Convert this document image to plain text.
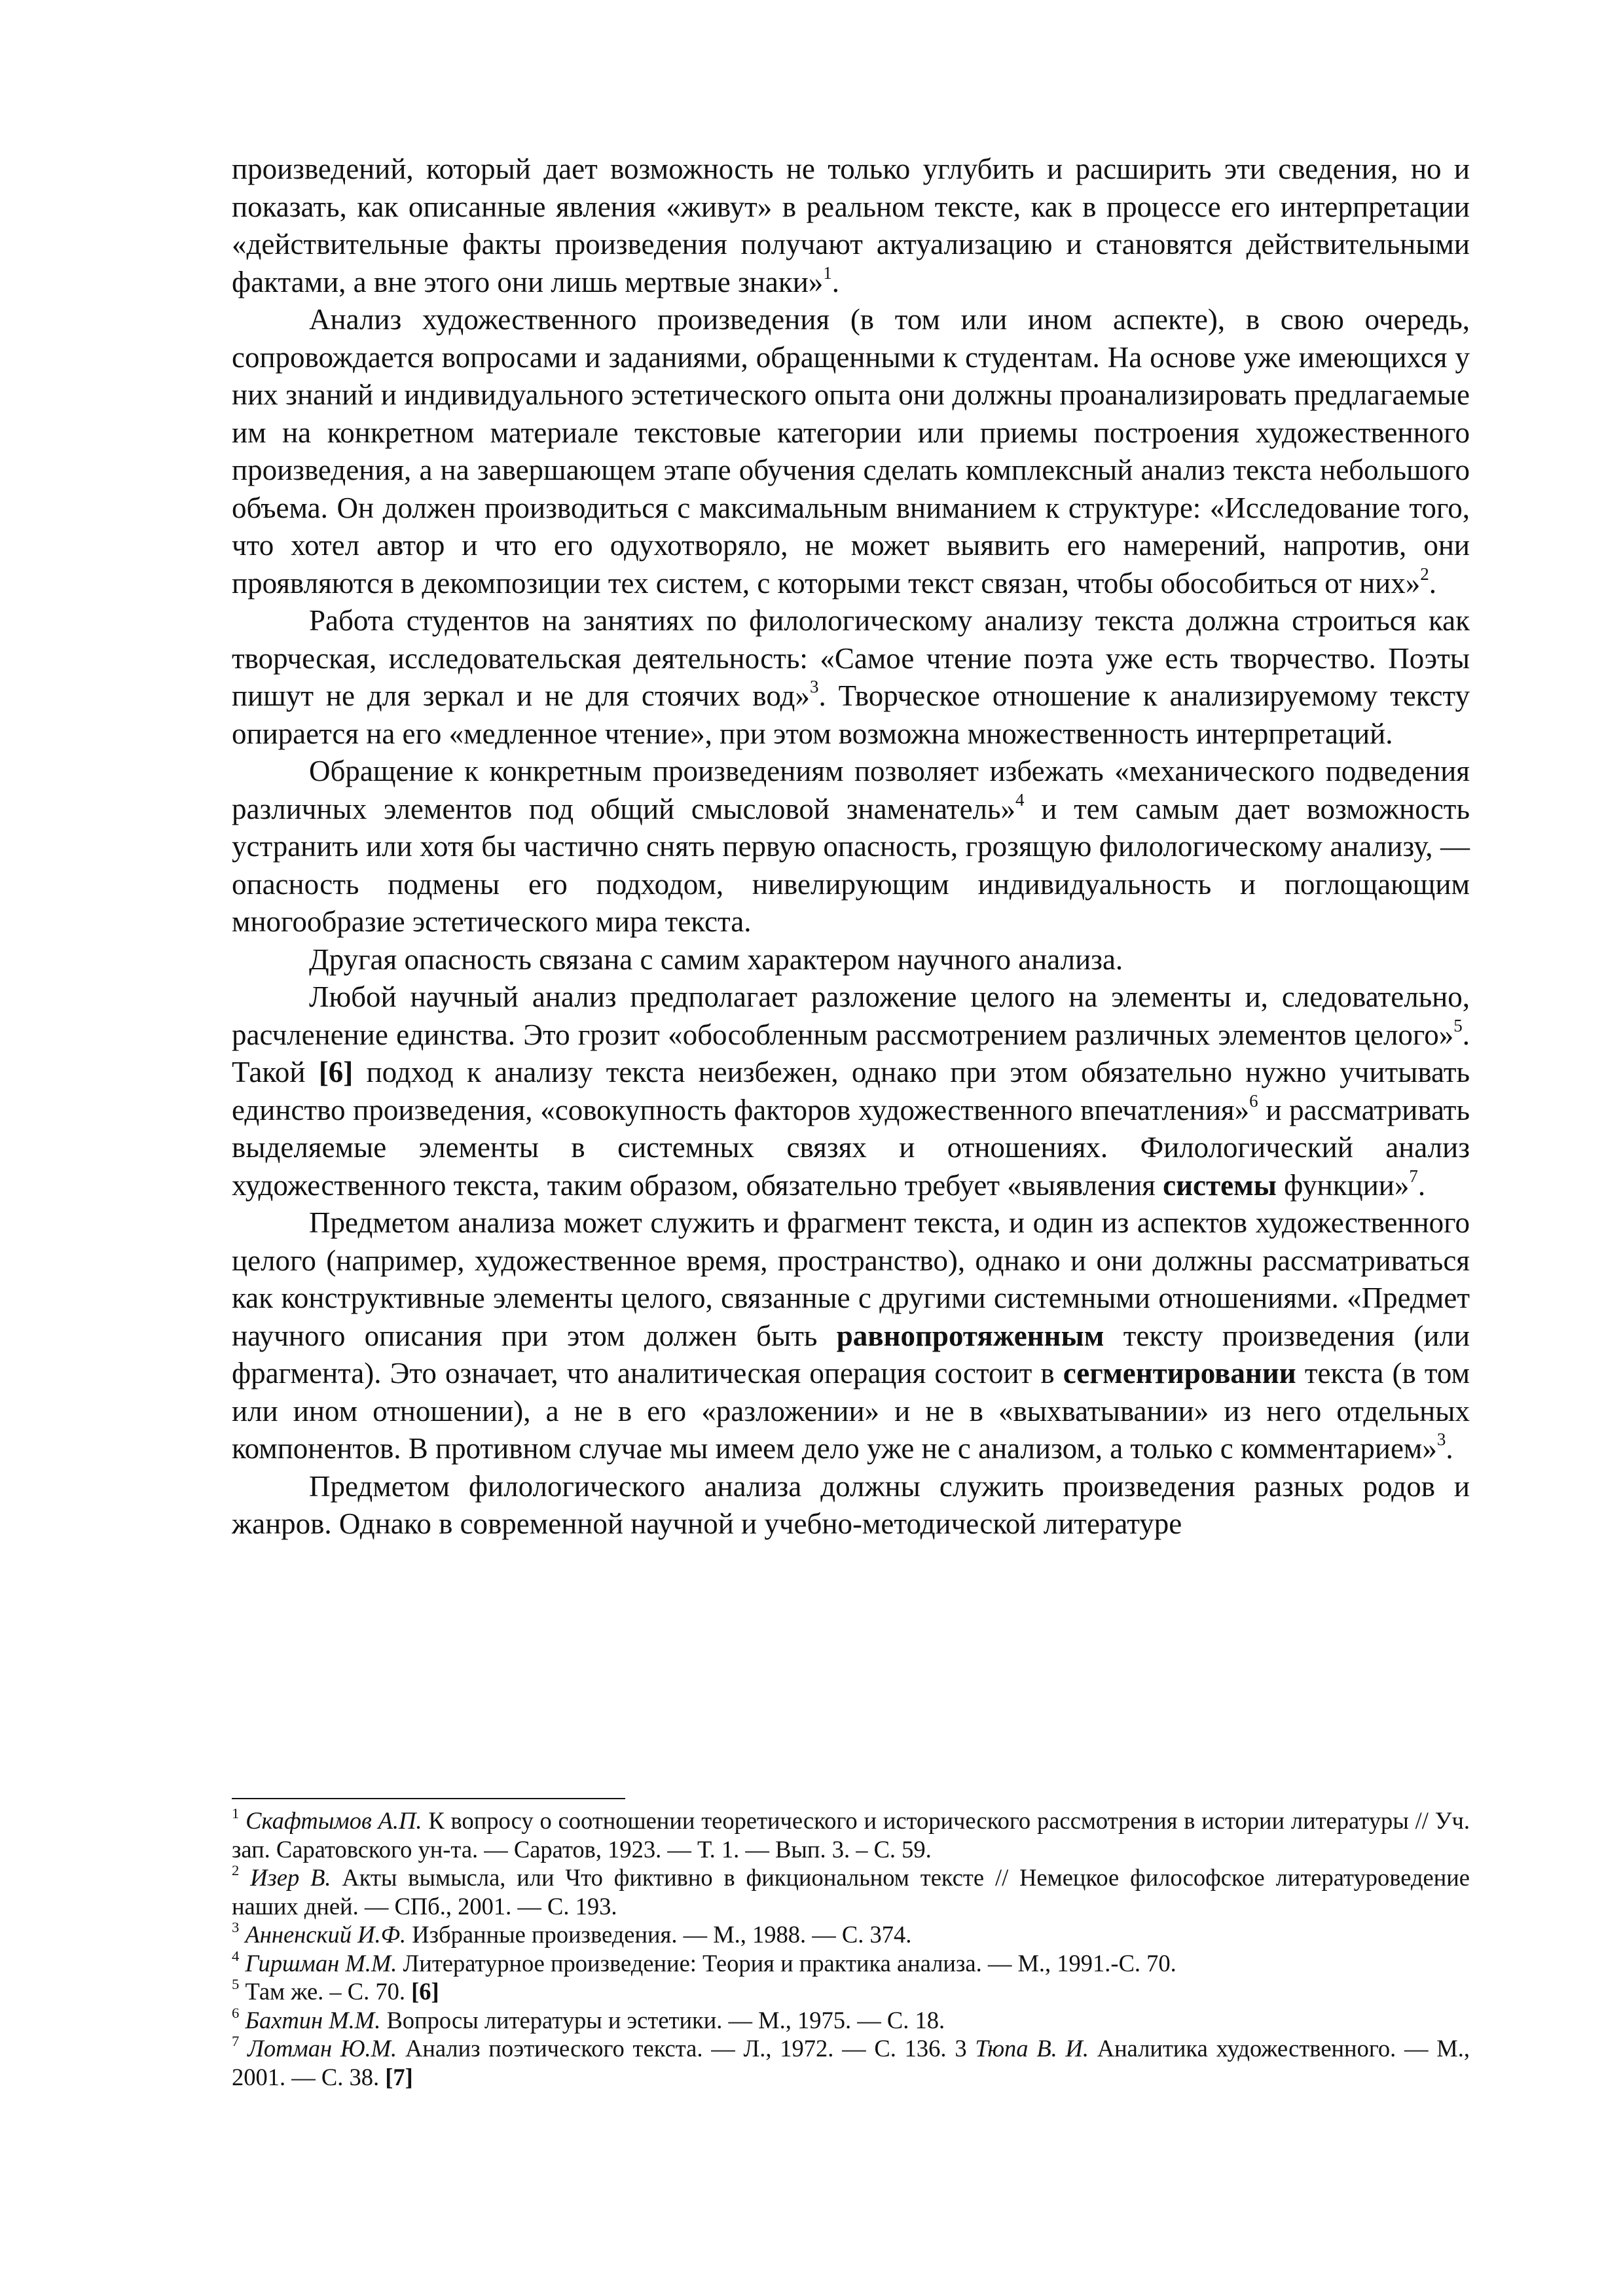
произведений, который дает возможность не только углубить и расширить эти сведения, но и показать, как описанные явления «живут» в реальном тексте, как в процессе его интерпретации «действительные факты произведения получают актуализацию и становятся действительными фактами, а вне этого они лишь мертвые знаки»$^1$.

Анализ художественного произведения (в том или ином аспекте), в свою очередь, сопровождается вопросами и заданиями, обращенными к студентам. На основе уже имеющихся у них знаний и индивидуального эстетического опыта они должны проанализировать предлагаемые им на конкретном материале текстовые категории или приемы построения художественного произведения, а на завершающем этапе обучения сделать комплексный анализ текста небольшого объема. Он должен производиться с максимальным вниманием к структуре: «Исследование того, что хотел автор и что его одухотворяло, не может выявить его намерений, напротив, они проявляются в декомпозиции тех систем, с которыми текст связан, чтобы обособиться от них»$^2$.

Работа студентов на занятиях по филологическому анализу текста должна строиться как творческая, исследовательская деятельность: «Самое чтение поэта уже есть творчество. Поэты пишут не для зеркал и не для стоячих вод»$^3$. Творческое отношение к анализируемому тексту опирается на его «медленное чтение», при этом возможна множественность интерпретаций.

Обращение к конкретным произведениям позволяет избежать «механического подведения различных элементов под общий смысловой знаменатель»$^4$ и тем самым дает возможность устранить или хотя бы частично снять первую опасность, грозящую филологическому анализу, — опасность подмены его подходом, нивелирующим индивидуальность и поглощающим многообразие эстетического мира текста.

Другая опасность связана с самим характером научного анализа.

Любой научный анализ предполагает разложение целого на элементы и, следовательно, расчленение единства. Это грозит «обособленным рассмотрением различных элементов целого»$^5$. Такой [6] подход к анализу текста неизбежен, однако при этом обязательно нужно учитывать единство произведения, «совокупность факторов художественного впечатления»$^6$ и рассматривать выделяемые элементы в системных связях и отношениях. Филологический анализ художественного текста, таким образом, обязательно требует «выявления системы функции»$^7$.

Предметом анализа может служить и фрагмент текста, и один из аспектов художественного целого (например, художественное время, пространство), однако и они должны рассматриваться как конструктивные элементы целого, связанные с другими системными отношениями. «Предмет научного описания при этом должен быть равнопротяженным тексту произведения (или фрагмента). Это означает, что аналитическая операция состоит в сегментировании текста (в том или ином отношении), а не в его «разложении» и не в «выхватывании» из него отдельных компонентов. В противном случае мы имеем дело уже не с анализом, а только с комментарием»$^3$.

Предметом филологического анализа должны служить произведения разных родов и жанров. Однако в современной научной и учебно-методической литературе

$^1$ Скафтымов А.П. К вопросу о соотношении теоретического и исторического рассмотрения в истории литературы // Уч. зап. Саратовского ун-та. — Саратов, 1923. — Т. 1. — Вып. 3. – С. 59.

$^2$ Изер В. Акты вымысла, или Что фиктивно в фикциональном тексте // Немецкое философское литературоведение наших дней. — СПб., 2001. — С. 193.

$^3$ Анненский И.Ф. Избранные произведения. — М., 1988. — С. 374.

$^4$ Гиршман М.М. Литературное произведение: Теория и практика анализа. — М., 1991.-С. 70.

$^5$ Там же. – С. 70. [6]

$^6$ Бахтин М.М. Вопросы литературы и эстетики. — М., 1975. — С. 18.

$^7$ Лотман Ю.М. Анализ поэтического текста. — Л., 1972. — С. 136. 3 Тюпа В. И. Аналитика художественного. — М., 2001. — С. 38. [7]
